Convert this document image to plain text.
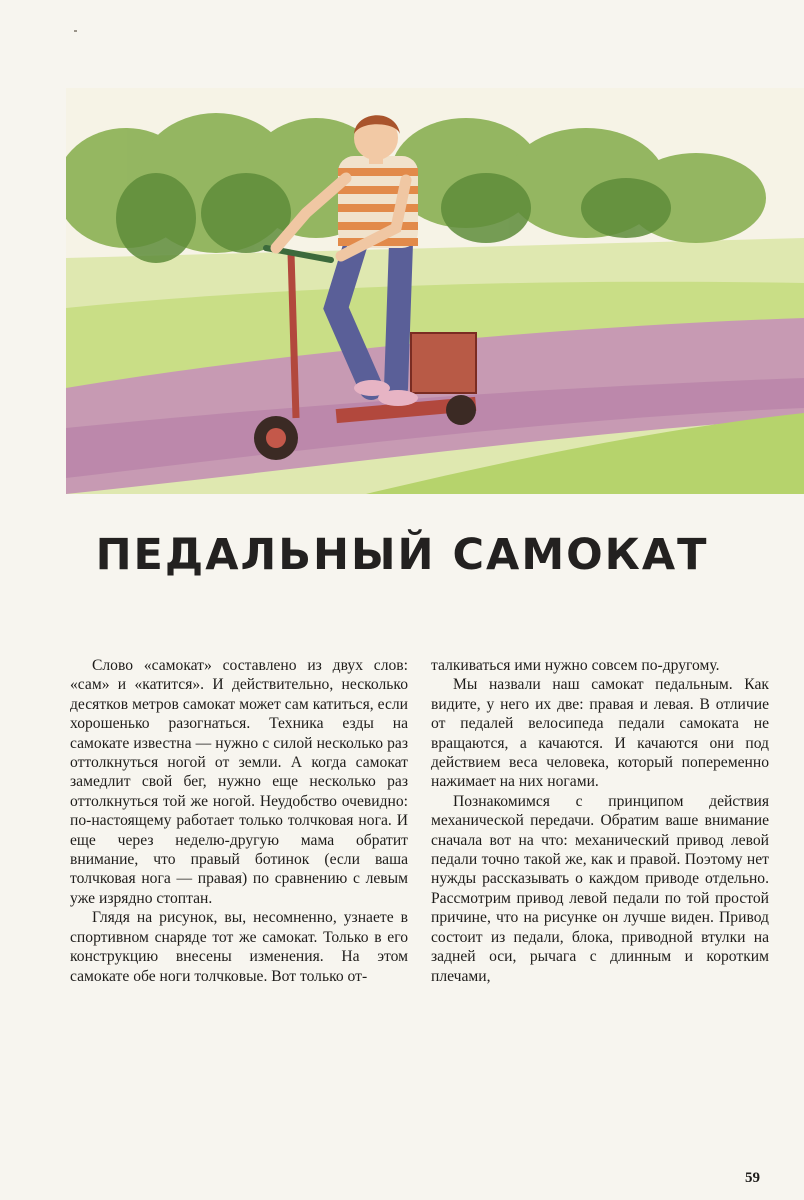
ПЕДАЛЬНЫЙ САМОКАТ

Слово «самокат» составлено из двух слов: «сам» и «катится». И действительно, несколько десятков метров самокат может сам катиться, если хорошенько разогнаться. Техника езды на самокате известна — нужно с силой несколько раз оттолкнуться ногой от земли. А когда самокат замедлит свой бег, нужно еще несколько раз оттолкнуться той же ногой. Неудобство очевидно: по-настоящему работает только толчковая нога. И еще через неделю-другую мама обратит внимание, что правый ботинок (если ваша толчковая нога — правая) по сравнению с левым уже изрядно стоптан.

Глядя на рисунок, вы, несомненно, узнаете в спортивном снаряде тот же самокат. Только в его конструкцию внесены изменения. На этом самокате обе ноги толчковые. Вот только от-

талкиваться ими нужно совсем по-другому.

Мы назвали наш самокат педальным. Как видите, у него их две: правая и левая. В отличие от педалей велосипеда педали самоката не вращаются, а качаются. И качаются они под действием веса человека, который попеременно нажимает на них ногами.

Познакомимся с принципом действия механической передачи. Обратим ваше внимание сначала вот на что: механический привод левой педали точно такой же, как и правой. Поэтому нет нужды рассказывать о каждом приводе отдельно. Рассмотрим привод левой педали по той простой причине, что на рисунке он лучше виден. Привод состоит из педали, блока, приводной втулки на задней оси, рычага с длинным и коротким плечами,

59
